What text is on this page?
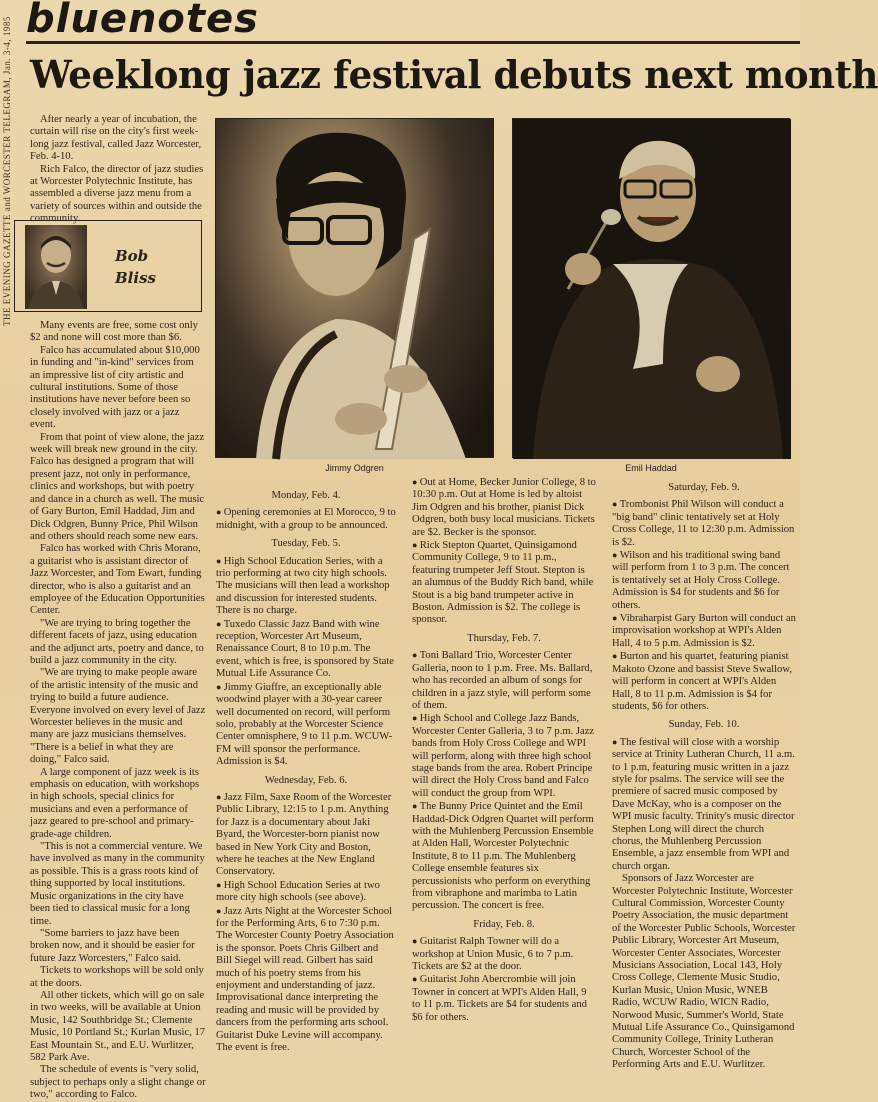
THE EVENING GAZETTE and WORCESTER TELEGRAM, Jan. 3-4, 1985 bluenotes
Weeklong jazz festival debuts next month

After nearly a year of incubation, the curtain will rise on the city's first week-long jazz festival, called Jazz Worcester, Feb. 4-10.

Rich Falco, the director of jazz studies at Worcester Polytechnic Institute, has assembled a diverse jazz menu from a variety of sources within and outside the community.

Bob
Bliss

Many events are free, some cost only $2 and none will cost more than $6.

Falco has accumulated about $10,000 in funding and "in-kind" services from an impressive list of city artistic and cultural institutions. Some of those institutions have never before been so closely involved with jazz or a jazz event.

From that point of view alone, the jazz week will break new ground in the city. Falco has designed a program that will present jazz, not only in performance, clinics and workshops, but with poetry and dance in a church as well. The music of Gary Burton, Emil Haddad, Jim and Dick Odgren, Bunny Price, Phil Wilson and others should reach some new ears.

Falco has worked with Chris Morano, a guitarist who is assistant director of Jazz Worcester, and Tom Ewart, funding director, who is also a guitarist and an employee of the Education Opportunities Center.

"We are trying to bring together the different facets of jazz, using education and the adjunct arts, poetry and dance, to build a jazz community in the city.

"We are trying to make people aware of the artistic intensity of the music and trying to build a future audience. Everyone involved on every level of Jazz Worcester believes in the music and many are jazz musicians themselves. "There is a belief in what they are doing," Falco said.

A large component of jazz week is its emphasis on education, with workshops in high schools, special clinics for musicians and even a performance of jazz geared to pre-school and primary-grade-age children.

"This is not a commercial venture. We have involved as many in the community as possible. This is a grass roots kind of thing supported by local institutions. Music organizations in the city have been tied to classical music for a long time.

"Some barriers to jazz have been broken now, and it should be easier for future Jazz Worcesters," Falco said.

Tickets to workshops will be sold only at the doors.

All other tickets, which will go on sale in two weeks, will be available at Union Music, 142 Southbridge St.; Clemente Music, 10 Portland St.; Kurlan Music, 17 East Mountain St., and E.U. Wurlitzer, 582 Park Ave.

The schedule of events is "very solid, subject to perhaps only a slight change or two," according to Falco.

Jimmy Odgren	Emil Haddad

Monday, Feb. 4.

● Opening ceremonies at El Morocco, 9 to midnight, with a group to be announced.

Tuesday, Feb. 5.

● High School Education Series, with a trio performing at two city high schools. The musicians will then lead a workshop and discussion for interested students. There is no charge.

● Tuxedo Classic Jazz Band with wine reception, Worcester Art Museum, Renaissance Court, 8 to 10 p.m. The event, which is free, is sponsored by State Mutual Life Assurance Co.

● Jimmy Giuffre, an exceptionally able woodwind player with a 30-year career well documented on record, will perform solo, probably at the Worcester Science Center omnisphere, 9 to 11 p.m. WCUW-FM will sponsor the performance. Admission is $4.

Wednesday, Feb. 6.

● Jazz Film, Saxe Room of the Worcester Public Library, 12:15 to 1 p.m. Anything for Jazz is a documentary about Jaki Byard, the Worcester-born pianist now based in New York City and Boston, where he teaches at the New England Conservatory.

● High School Education Series at two more city high schools (see above).

● Jazz Arts Night at the Worcester School for the Performing Arts, 6 to 7:30 p.m. The Worcester County Poetry Association is the sponsor. Poets Chris Gilbert and Bill Siegel will read. Gilbert has said much of his poetry stems from his enjoyment and understanding of jazz. Improvisational dance interpreting the reading and music will be provided by dancers from the performing arts school. Guitarist Duke Levine will accompany. The event is free.

● Out at Home, Becker Junior College, 8 to 10:30 p.m. Out at Home is led by altoist Jim Odgren and his brother, pianist Dick Odgren, both busy local musicians. Tickets are $2. Becker is the sponsor.

● Rick Stepton Quartet, Quinsigamond Community College, 9 to 11 p.m., featuring trumpeter Jeff Stout. Stepton is an alumnus of the Buddy Rich band, while Stout is a big band trumpeter active in Boston. Admission is $2. The college is sponsor.

Thursday, Feb. 7.

● Toni Ballard Trio, Worcester Center Galleria, noon to 1 p.m. Free. Ms. Ballard, who has recorded an album of songs for children in a jazz style, will perform some of them.

● High School and College Jazz Bands, Worcester Center Galleria, 3 to 7 p.m. Jazz bands from Holy Cross College and WPI will perform, along with three high school stage bands from the area. Robert Principe will direct the Holy Cross band and Falco will conduct the group from WPI.

● The Bunny Price Quintet and the Emil Haddad-Dick Odgren Quartet will perform with the Muhlenberg Percussion Ensemble at Alden Hall, Worcester Polytechnic Institute, 8 to 11 p.m. The Muhlenberg College ensemble features six percussionists who perform on everything from vibraphone and marimba to Latin percussion. The concert is free.

Friday, Feb. 8.

● Guitarist Ralph Towner will do a workshop at Union Music, 6 to 7 p.m. Tickets are $2 at the door.

● Guitarist John Abercrombie will join Towner in concert at WPI's Alden Hall, 9 to 11 p.m. Tickets are $4 for students and $6 for others.

Saturday, Feb. 9.

● Trombonist Phil Wilson will conduct a "big band" clinic tentatively set at Holy Cross College, 11 to 12:30 p.m. Admission is $2.

● Wilson and his traditional swing band will perform from 1 to 3 p.m. The concert is tentatively set at Holy Cross College. Admission is $4 for students and $6 for others.

● Vibraharpist Gary Burton will conduct an improvisation workshop at WPI's Alden Hall, 4 to 5 p.m. Admission is $2.

● Burton and his quartet, featuring pianist Makoto Ozone and bassist Steve Swallow, will perform in concert at WPI's Alden Hall, 8 to 11 p.m. Admission is $4 for students, $6 for others.

Sunday, Feb. 10.

● The festival will close with a worship service at Trinity Lutheran Church, 11 a.m. to 1 p.m, featuring music written in a jazz style for psalms. The service will see the premiere of sacred music composed by Dave McKay, who is a composer on the WPI music faculty. Trinity's music director Stephen Long will direct the church chorus, the Muhlenberg Percussion Ensemble, a jazz ensemble from WPI and church organ.

Sponsors of Jazz Worcester are Worcester Polytechnic Institute, Worcester Cultural Commission, Worcester County Poetry Association, the music department of the Worcester Public Schools, Worcester Public Library, Worcester Art Museum, Worcester Center Associates, Worcester Musicians Association, Local 143, Holy Cross College, Clemente Music Studio, Kurlan Music, Union Music, WNEB Radio, WCUW Radio, WICN Radio, Norwood Music, Summer's World, State Mutual Life Assurance Co., Quinsigamond Community College, Trinity Lutheran Church, Worcester School of the Performing Arts and E.U. Wurlitzer.
